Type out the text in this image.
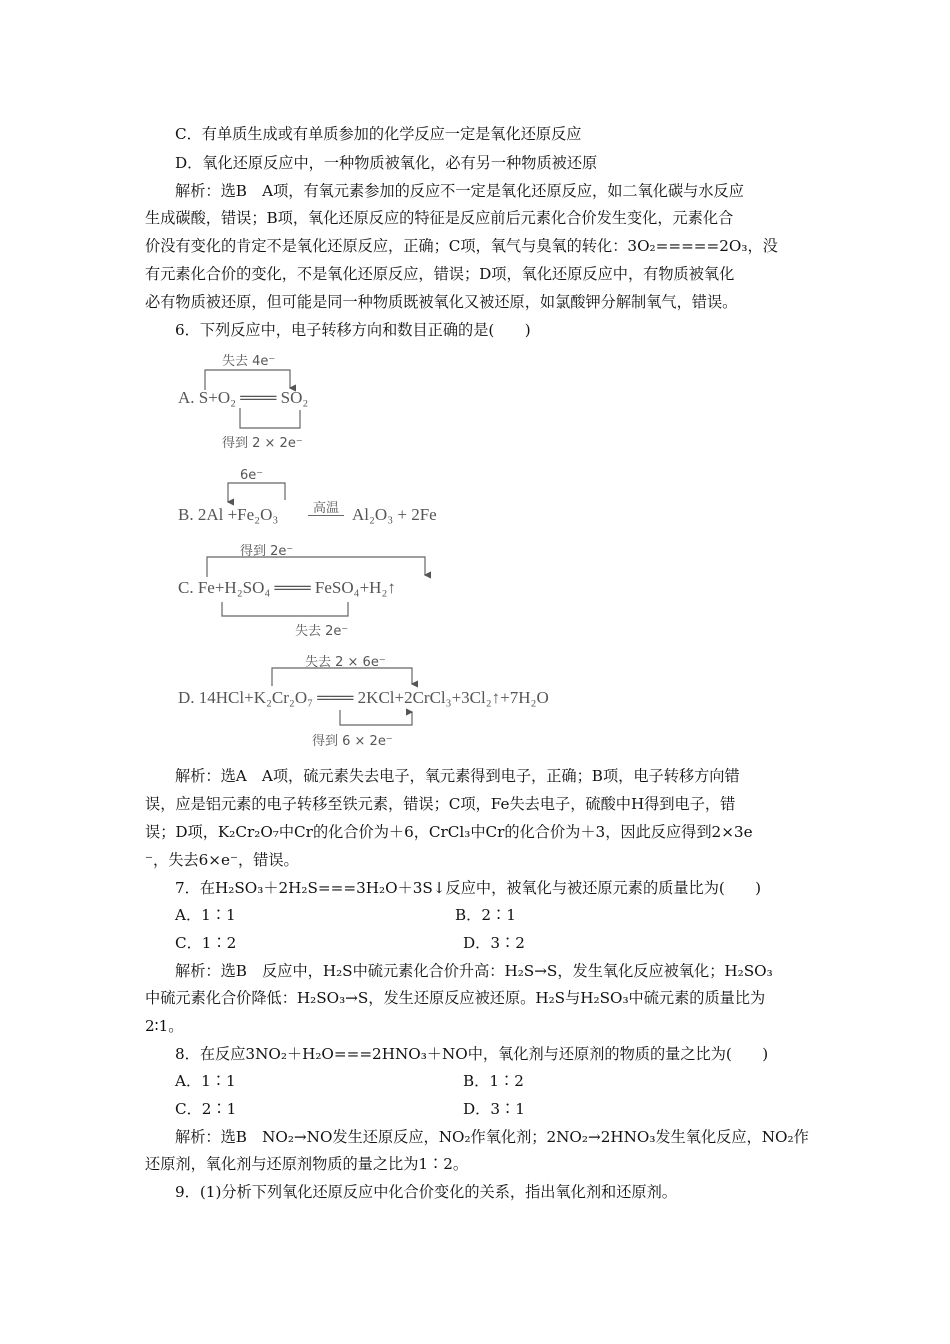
C．有单质生成或有单质参加的化学反应一定是氧化还原反应
D．氧化还原反应中，一种物质被氧化，必有另一种物质被还原
解析：选B　A项，有氧元素参加的反应不一定是氧化还原反应，如二氧化碳与水反应
生成碳酸，错误；B项，氧化还原反应的特征是反应前后元素化合价发生变化，元素化合
价没有变化的肯定不是氧化还原反应，正确；C项，氧气与臭氧的转化：3O₂=====2O₃，没
有元素化合价的变化，不是氧化还原反应，错误；D项，氧化还原反应中，有物质被氧化
必有物质被还原，但可能是同一种物质既被氧化又被还原，如氯酸钾分解制氧气，错误。
6．下列反应中，电子转移方向和数目正确的是(　　)
失去 4e⁻
A. S+O₂ ═══ SO₂
得到 2 × 2e⁻
6e⁻
B. 2Al +Fe₂O₃	高温 Al₂O₃ + 2Fe
得到 2e⁻
C. Fe+H₂SO₄ ═══ FeSO₄+H₂↑
失去 2e⁻
失去 2 × 6e⁻
D. 14HCl+K₂Cr₂O₇ ═══ 2KCl+2CrCl₃+3Cl₂↑+7H₂O
得到 6 × 2e⁻
解析：选A　A项，硫元素失去电子，氧元素得到电子，正确；B项，电子转移方向错
误，应是铝元素的电子转移至铁元素，错误；C项，Fe失去电子，硫酸中H得到电子，错
误；D项，K₂Cr₂O₇中Cr的化合价为＋6，CrCl₃中Cr的化合价为＋3，因此反应得到2×3e
⁻，失去6×e⁻，错误。
7．在H₂SO₃＋2H₂S===3H₂O＋3S↓反应中，被氧化与被还原元素的质量比为(　　)
A．1∶1	B．2∶1
C．1∶2	D．3∶2
解析：选B　反应中，H₂S中硫元素化合价升高：H₂S→S，发生氧化反应被氧化；H₂SO₃
中硫元素化合价降低：H₂SO₃→S，发生还原反应被还原。H₂S与H₂SO₃中硫元素的质量比为
2∶1。
8．在反应3NO₂＋H₂O===2HNO₃＋NO中，氧化剂与还原剂的物质的量之比为(　　)
A．1∶1	B．1∶2
C．2∶1	D．3∶1
解析：选B　NO₂→NO发生还原反应，NO₂作氧化剂；2NO₂→2HNO₃发生氧化反应，NO₂作
还原剂，氧化剂与还原剂物质的量之比为1∶2。
9．(1)分析下列氧化还原反应中化合价变化的关系，指出氧化剂和还原剂。
